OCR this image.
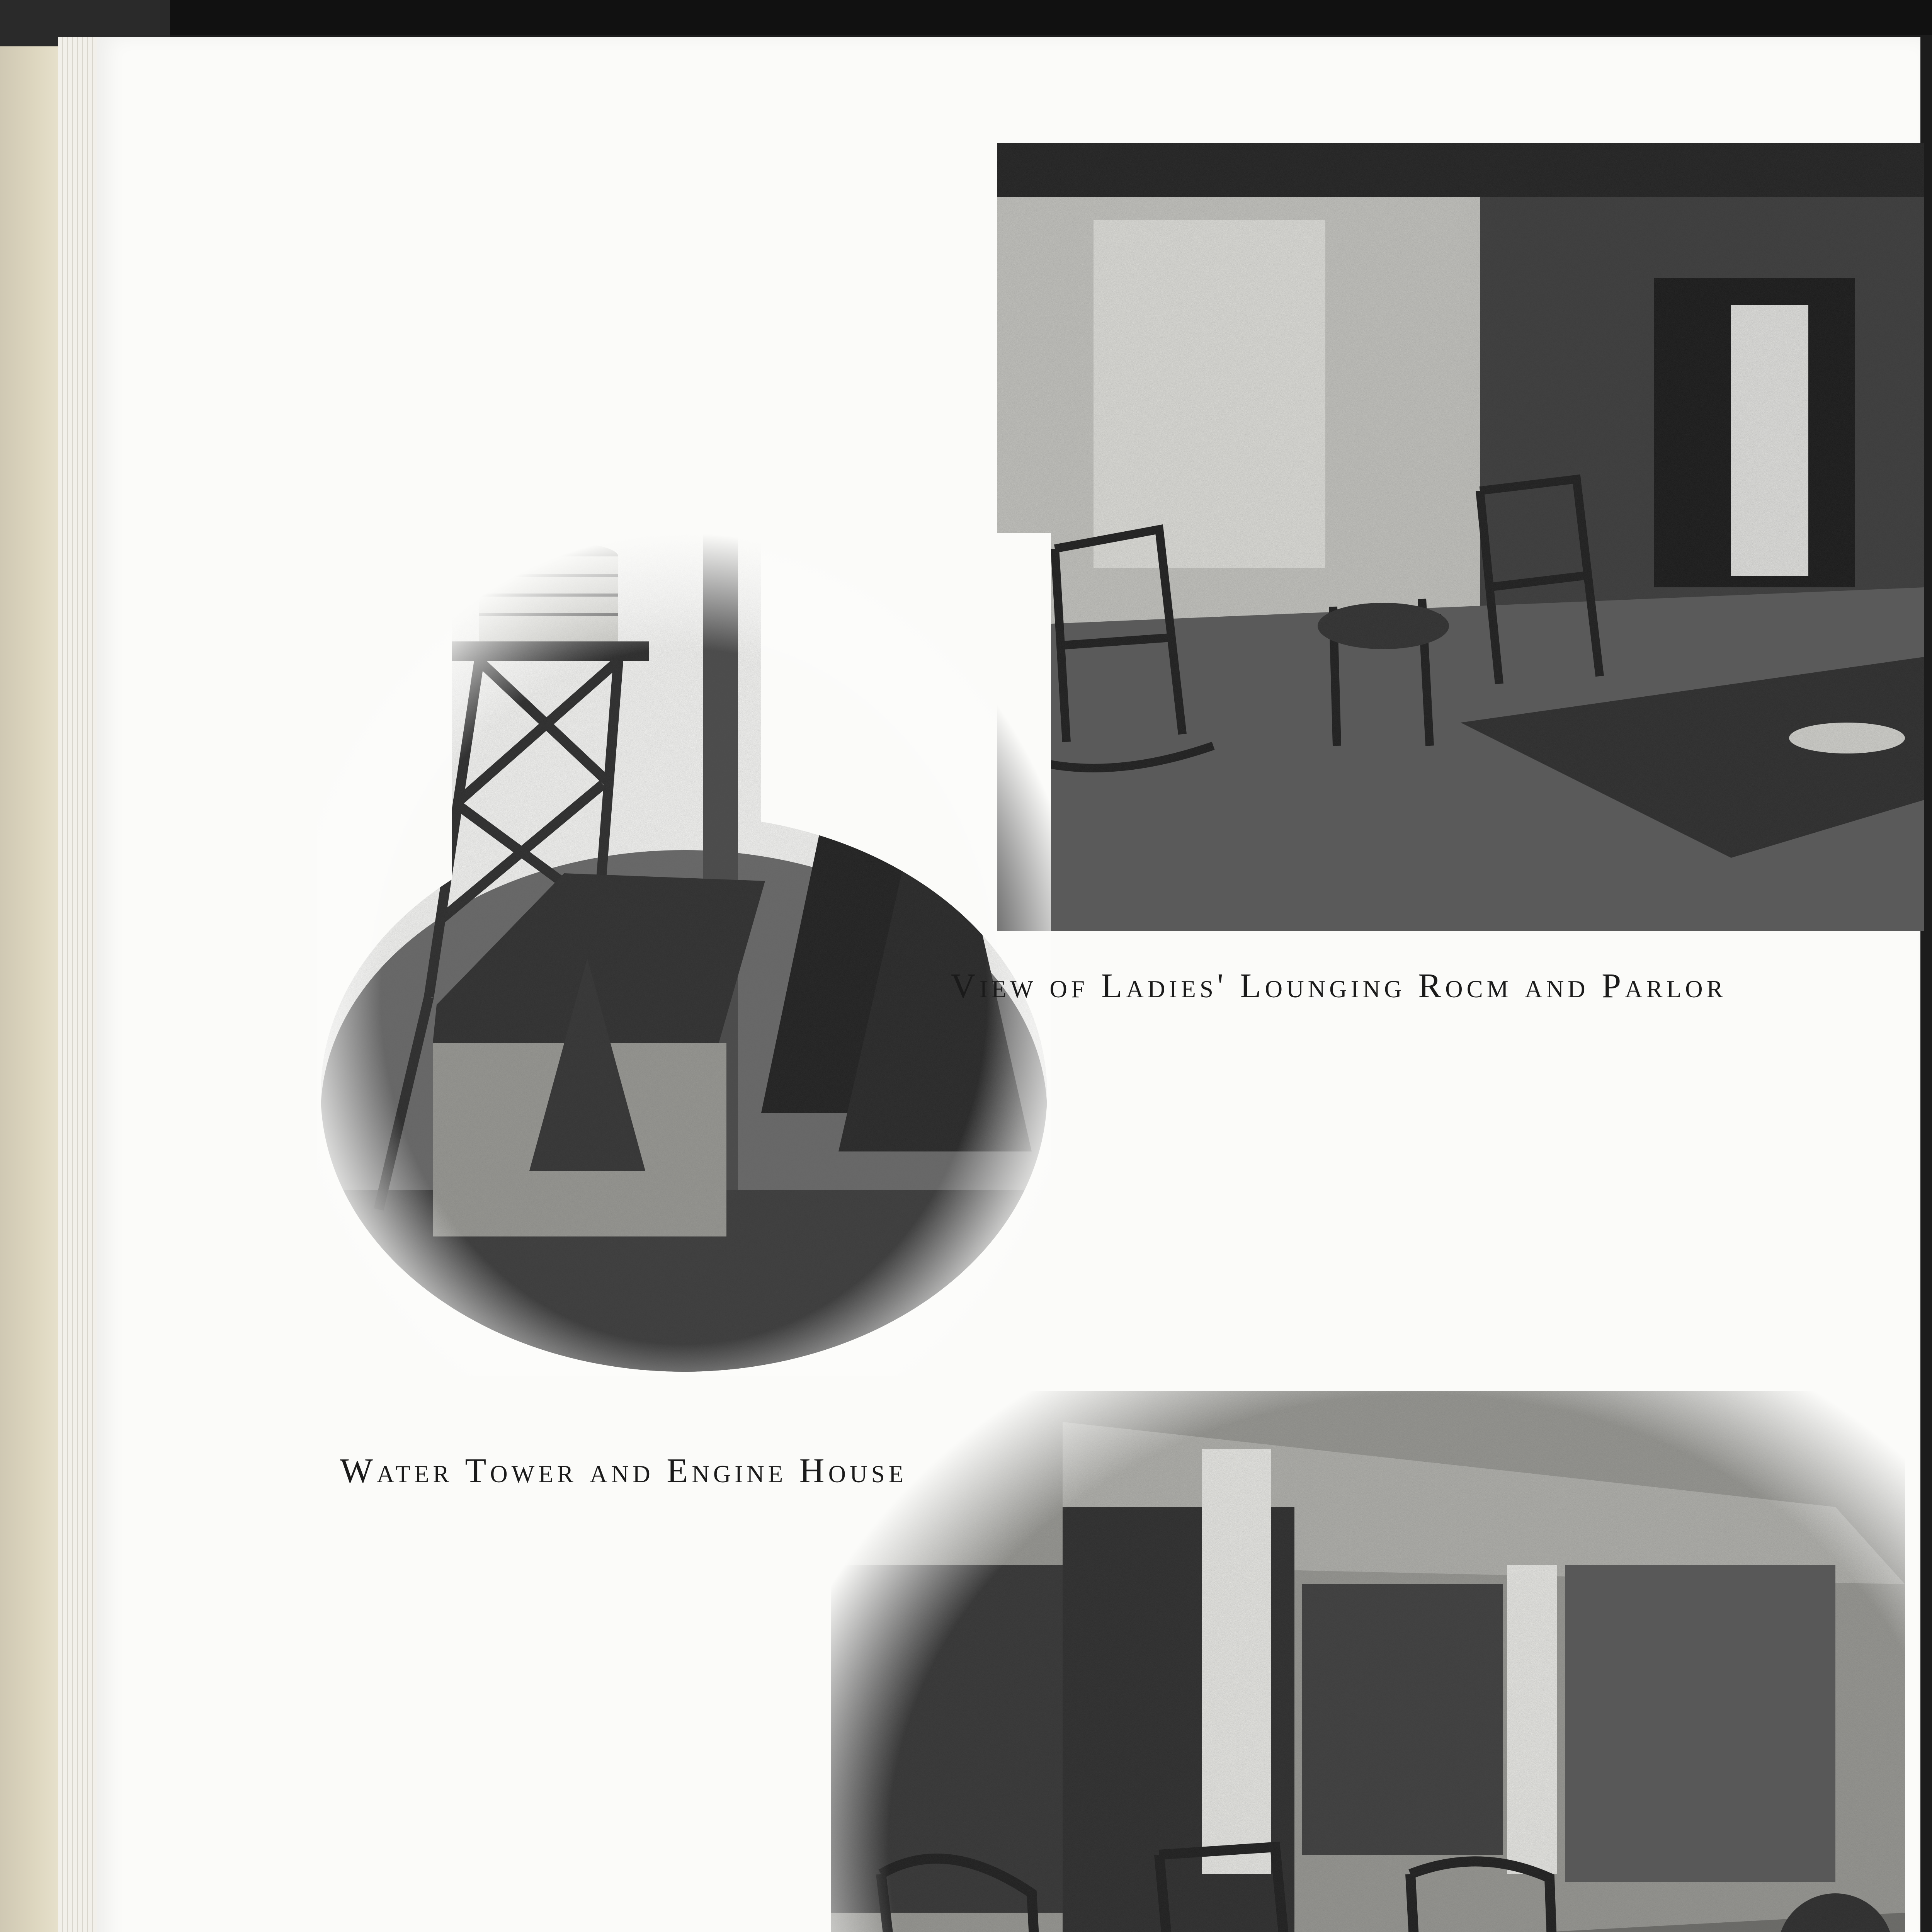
View of Ladies' Lounging Rocm and Parlor
Water Tower and Engine House
